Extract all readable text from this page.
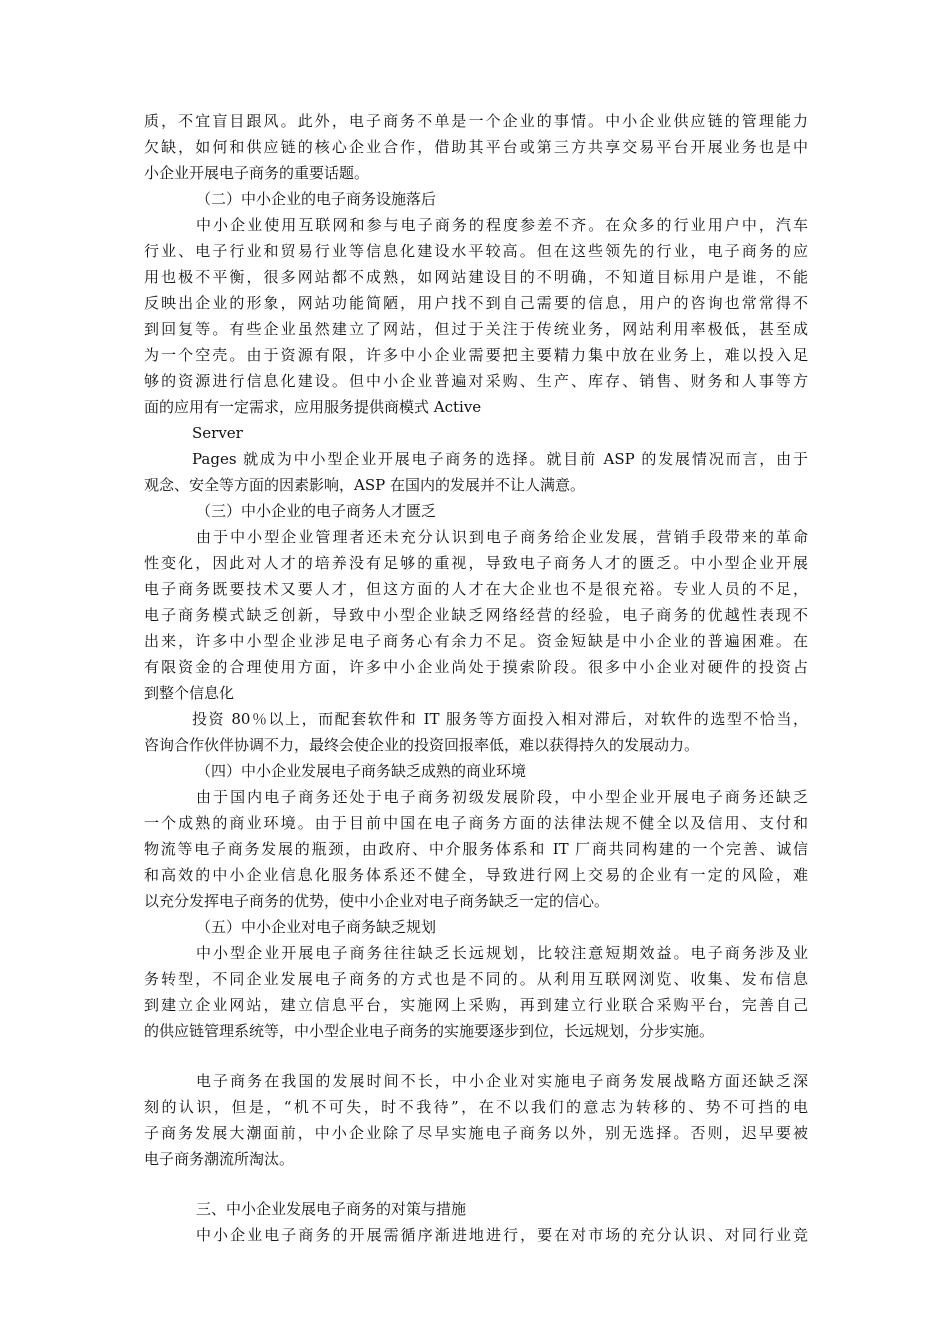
质，不宜盲目跟风。此外，电子商务不单是一个企业的事情。中小企业供应链的管理能力
欠缺，如何和供应链的核心企业合作，借助其平台或第三方共享交易平台开展业务也是中
小企业开展电子商务的重要话题。
（二）中小企业的电子商务设施落后
中小企业使用互联网和参与电子商务的程度参差不齐。在众多的行业用户中，汽车
行业、电子行业和贸易行业等信息化建设水平较高。但在这些领先的行业，电子商务的应
用也极不平衡，很多网站都不成熟，如网站建设目的不明确，不知道目标用户是谁，不能
反映出企业的形象，网站功能简陋，用户找不到自己需要的信息，用户的咨询也常常得不
到回复等。有些企业虽然建立了网站，但过于关注于传统业务，网站利用率极低，甚至成
为一个空壳。由于资源有限，许多中小企业需要把主要精力集中放在业务上，难以投入足
够的资源进行信息化建设。但中小企业普遍对采购、生产、库存、销售、财务和人事等方
面的应用有一定需求，应用服务提供商模式 Active
Server
Pages 就成为中小型企业开展电子商务的选择。就目前 ASP 的发展情况而言，由于
观念、安全等方面的因素影响，ASP 在国内的发展并不让人满意。
（三）中小企业的电子商务人才匮乏
由于中小型企业管理者还未充分认识到电子商务给企业发展，营销手段带来的革命
性变化，因此对人才的培养没有足够的重视，导致电子商务人才的匮乏。中小型企业开展
电子商务既要技术又要人才，但这方面的人才在大企业也不是很充裕。专业人员的不足，
电子商务模式缺乏创新，导致中小型企业缺乏网络经营的经验，电子商务的优越性表现不
出来，许多中小型企业涉足电子商务心有余力不足。资金短缺是中小企业的普遍困难。在
有限资金的合理使用方面，许多中小企业尚处于摸索阶段。很多中小企业对硬件的投资占
到整个信息化
投资 80％以上，而配套软件和 IT 服务等方面投入相对滞后，对软件的选型不恰当，
咨询合作伙伴协调不力，最终会使企业的投资回报率低，难以获得持久的发展动力。
（四）中小企业发展电子商务缺乏成熟的商业环境
由于国内电子商务还处于电子商务初级发展阶段，中小型企业开展电子商务还缺乏
一个成熟的商业环境。由于目前中国在电子商务方面的法律法规不健全以及信用、支付和
物流等电子商务发展的瓶颈，由政府、中介服务体系和 IT 厂商共同构建的一个完善、诚信
和高效的中小企业信息化服务体系还不健全，导致进行网上交易的企业有一定的风险，难
以充分发挥电子商务的优势，使中小企业对电子商务缺乏一定的信心。
（五）中小企业对电子商务缺乏规划
中小型企业开展电子商务往往缺乏长远规划，比较注意短期效益。电子商务涉及业
务转型，不同企业发展电子商务的方式也是不同的。从利用互联网浏览、收集、发布信息
到建立企业网站，建立信息平台，实施网上采购，再到建立行业联合采购平台，完善自己
的供应链管理系统等，中小型企业电子商务的实施要逐步到位，长远规划，分步实施。
电子商务在我国的发展时间不长，中小企业对实施电子商务发展战略方面还缺乏深
刻的认识，但是，“机不可失，时不我待”，在不以我们的意志为转移的、势不可挡的电
子商务发展大潮面前，中小企业除了尽早实施电子商务以外，别无选择。否则，迟早要被
电子商务潮流所淘汰。
三、中小企业发展电子商务的对策与措施
中小企业电子商务的开展需循序渐进地进行，要在对市场的充分认识、对同行业竞
